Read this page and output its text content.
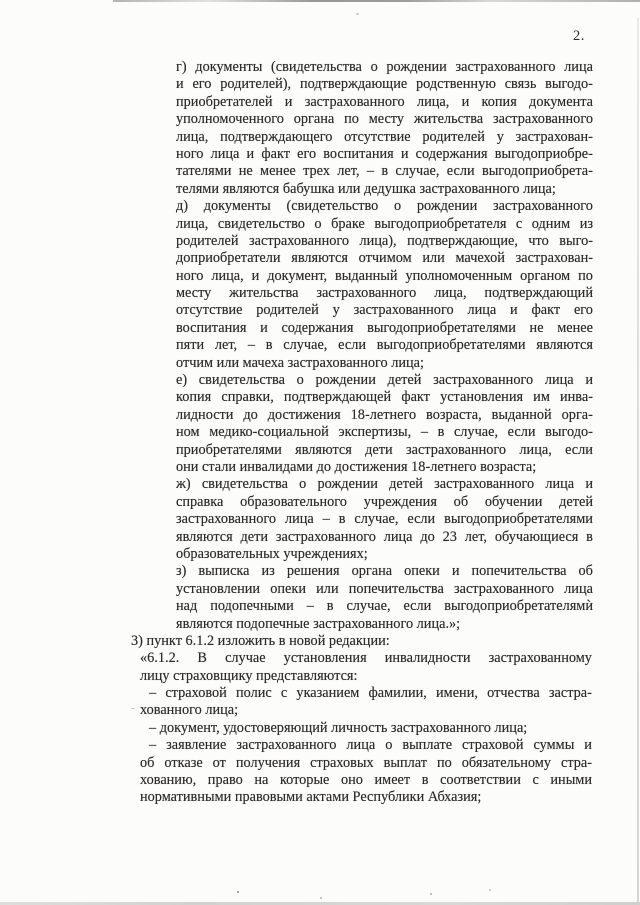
2.
г) документы (свидетельства о рождении застрахованного лица
и его родителей), подтверждающие родственную связь выгодо-
приобретателей и застрахованного лица, и копия документа
уполномоченного органа по месту жительства застрахованного
лица, подтверждающего отсутствие родителей у застрахован-
ного лица и факт его воспитания и содержания выгодоприобре-
тателями не менее трех лет, – в случае, если выгодоприобрета-
телями являются бабушка или дедушка застрахованного лица;
д) документы (свидетельство о рождении застрахованного
лица, свидетельство о браке выгодоприобретателя с одним из
родителей застрахованного лица), подтверждающие, что выго-
доприобретатели являются отчимом или мачехой застрахован-
ного лица, и документ, выданный уполномоченным органом по
месту жительства застрахованного лица, подтверждающий
отсутствие родителей у застрахованного лица и факт его
воспитания и содержания выгодоприобретателями не менее
пяти лет, – в случае, если выгодоприобретателями являются
отчим или мачеха застрахованного лица;
е) свидетельства о рождении детей застрахованного лица и
копия справки, подтверждающей факт установления им инва-
лидности до достижения 18-летнего возраста, выданной орга-
ном медико-социальной экспертизы, – в случае, если выгодо-
приобретателями являются дети застрахованного лица, если
они стали инвалидами до достижения 18-летнего возраста;
ж) свидетельства о рождении детей застрахованного лица и
справка образовательного учреждения об обучении детей
застрахованного лица – в случае, если выгодоприобретателями
являются дети застрахованного лица до 23 лет, обучающиеся в
образовательных учреждениях;
з) выписка из решения органа опеки и попечительства об
установлении опеки или попечительства застрахованного лица
над подопечными – в случае, если выгодоприобретателямѝ
являются подопечные застрахованного лица.»;
3) пункт 6.1.2 изложить в новой редакции:
«6.1.2. В случае установления инвалидности застрахованному
лицу страховщику представляются:
– страховой полис с указанием фамилии, имени, отчества застра-
хованного лица;
– документ, удостоверяющий личность застрахованного лица;
– заявление застрахованного лица о выплате страховой суммы и
об отказе от получения страховых выплат по обязательному стра-
хованию, право на которые оно имеет в соответствии с иными
нормативными правовыми актами Республики Абхазия;
